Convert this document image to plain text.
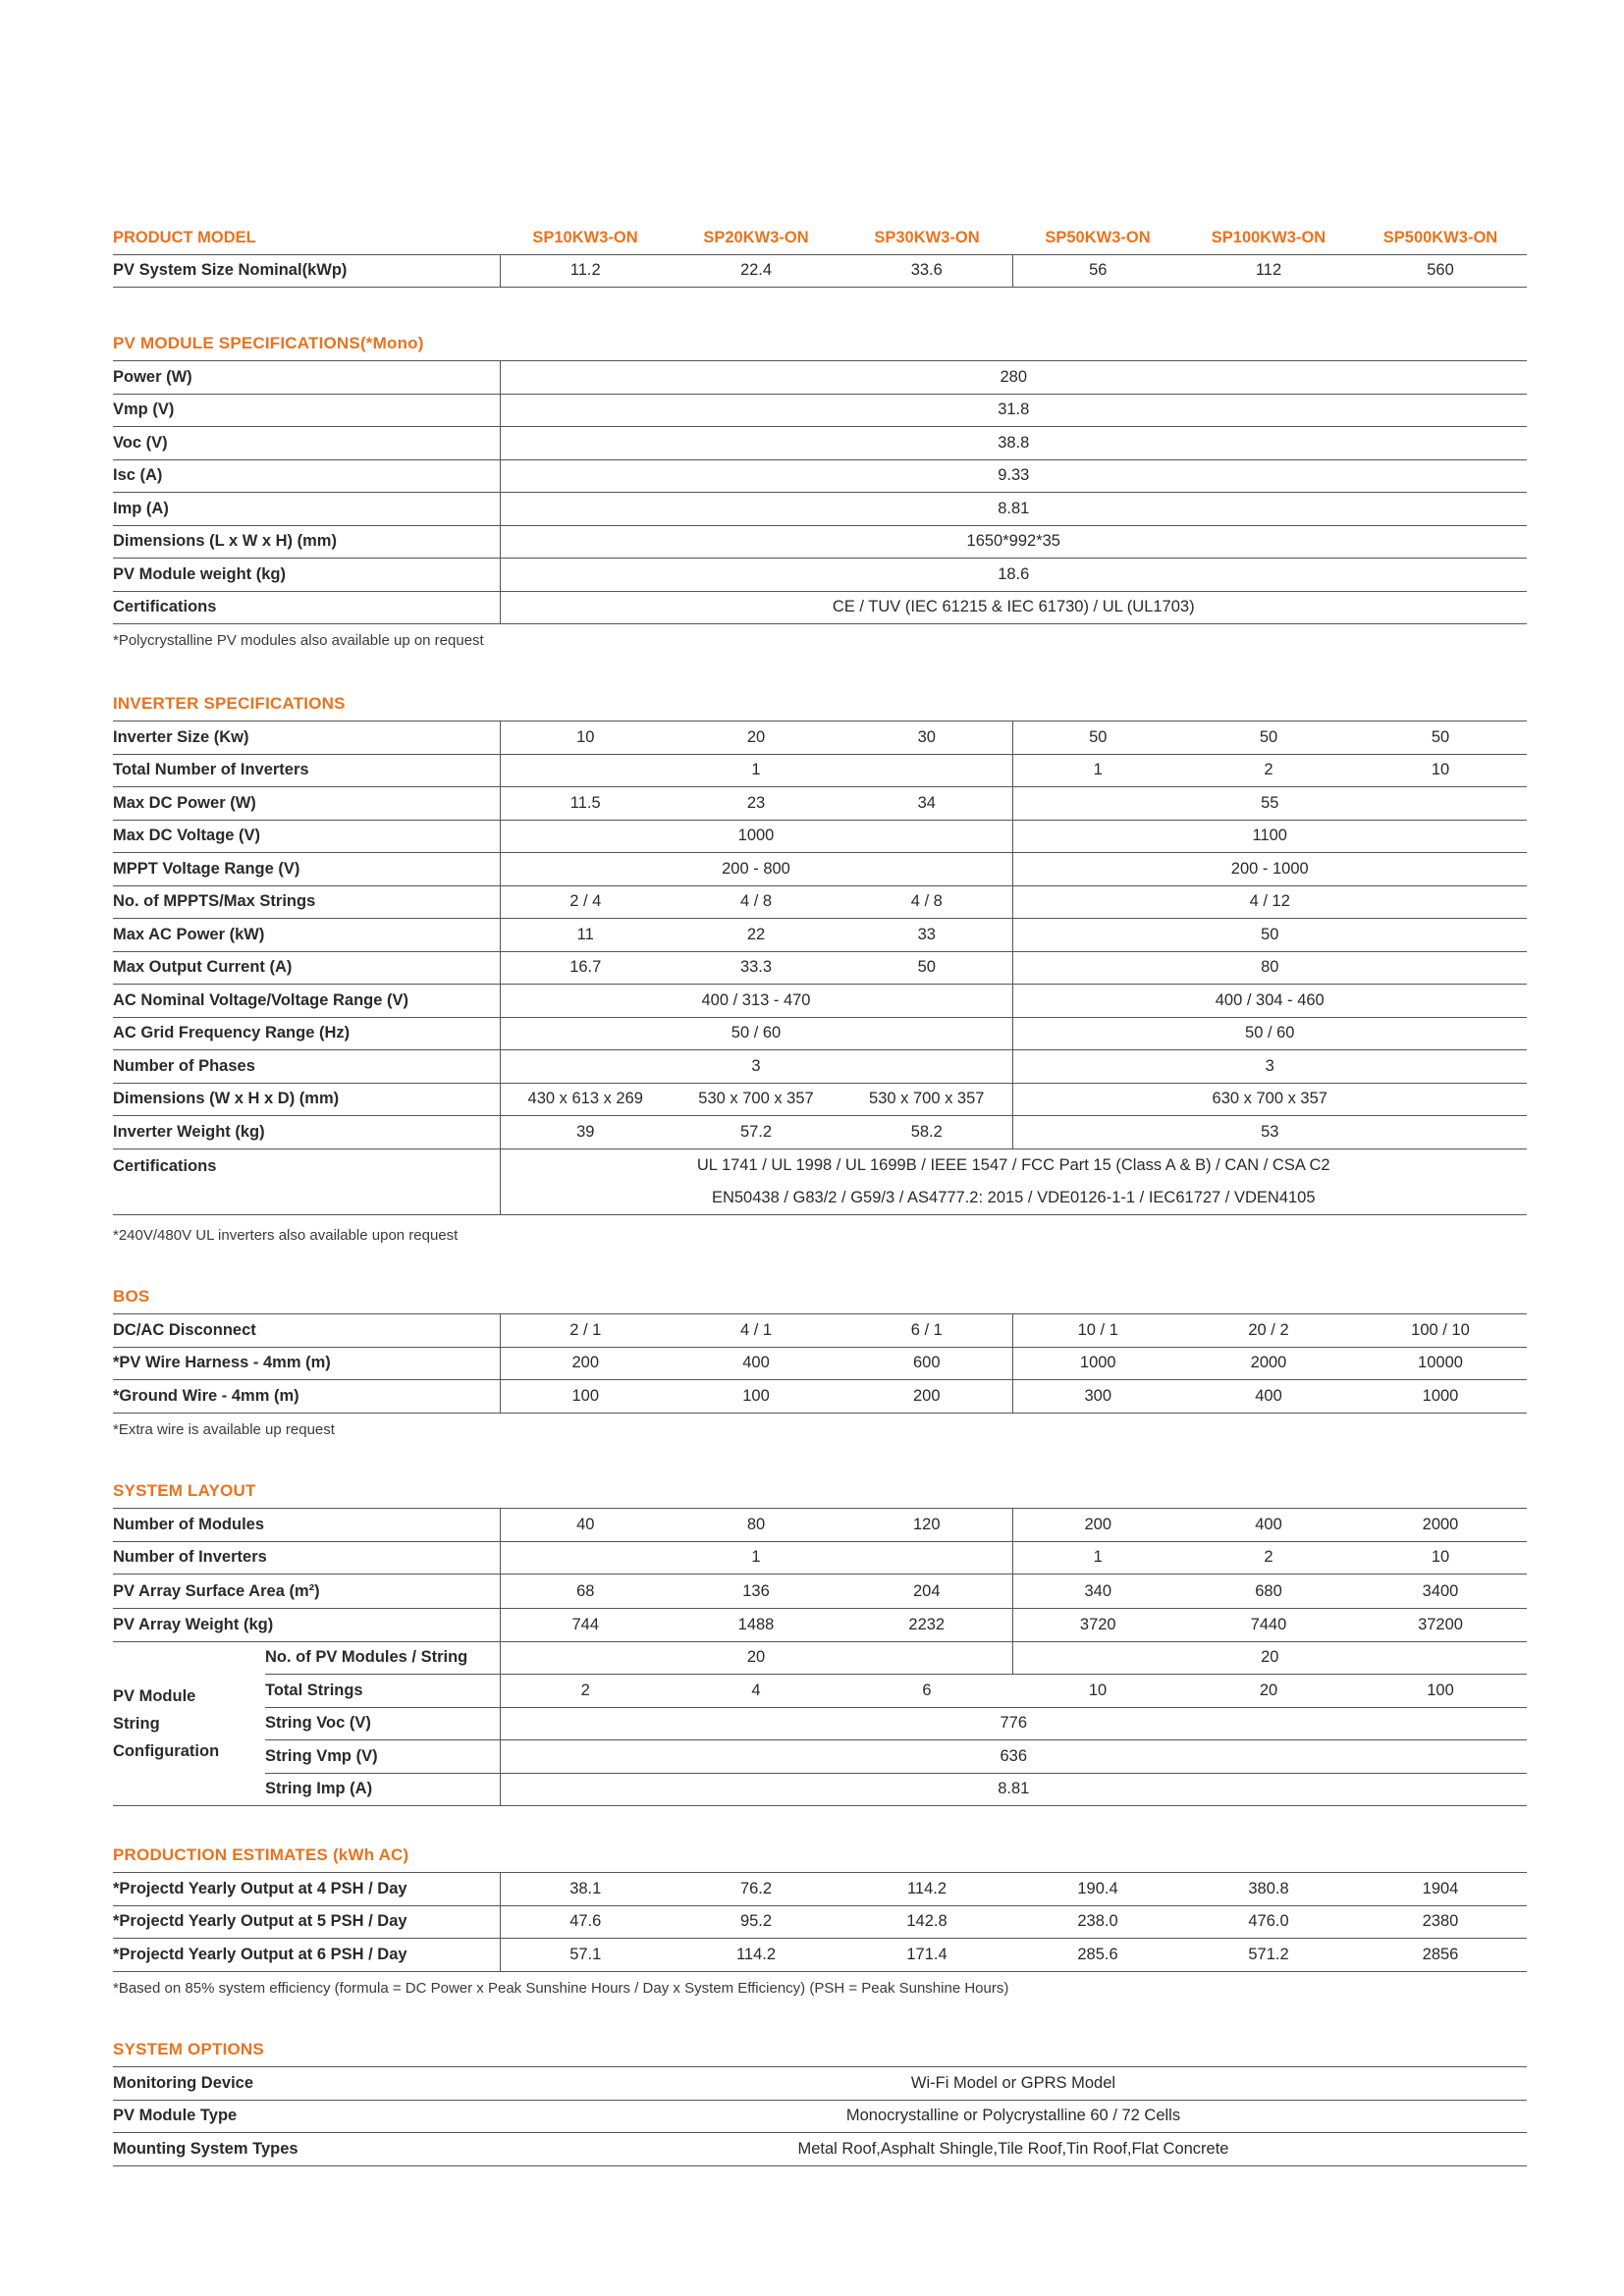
PRODUCT MODEL	SP10KW3-ON	SP20KW3-ON	SP30KW3-ON	SP50KW3-ON	SP100KW3-ON	SP500KW3-ON
PV System Size Nominal(kWp)	11.2	22.4	33.6	56	112	560
PV MODULE SPECIFICATIONS(*Mono)
Power (W)	280
Vmp (V)	31.8
Voc (V)	38.8
Isc (A)	9.33
Imp (A)	8.81
Dimensions (L x W x H) (mm)	1650*992*35
PV Module weight (kg)	18.6
Certifications	CE / TUV (IEC 61215 & IEC 61730) / UL (UL1703)
*Polycrystalline PV modules also available up on request
INVERTER SPECIFICATIONS
Inverter Size (Kw)	10	20	30	50	50	50
Total Number of Inverters	1			1	2	10
Max DC Power (W)	11.5	23	34	55		
Max DC Voltage (V)	1000			1100		
MPPT Voltage Range (V)	200 - 800			200 - 1000		
No. of MPPTS/Max Strings	2 / 4	4 / 8	4 / 8	4 / 12		
Max AC Power (kW)	11	22	33	50		
Max Output Current (A)	16.7	33.3	50	80		
AC Nominal Voltage/Voltage Range (V)	400 / 313 - 470			400 / 304 - 460		
AC Grid Frequency Range (Hz)	50 / 60			50 / 60		
Number of Phases	3			3		
Dimensions (W x H x D) (mm)	430 x 613 x 269	530 x 700 x 357	530 x 700 x 357	630 x 700 x 357		
Inverter Weight (kg)	39	57.2	58.2	53		
Certifications	UL 1741 / UL 1998 / UL 1699B / IEEE 1547 / FCC Part 15 (Class A & B) / CAN / CSA C2
EN50438 / G83/2 / G59/3 / AS4777.2: 2015 / VDE0126-1-1 / IEC61727 / VDEN4105					
*240V/480V UL inverters also available upon request
BOS
DC/AC Disconnect	2 / 1	4 / 1	6 / 1	10 / 1	20 / 2	100 / 10
*PV Wire Harness - 4mm (m)	200	400	600	1000	2000	10000
*Ground Wire - 4mm (m)	100	100	200	300	400	1000
*Extra wire is available up request
SYSTEM LAYOUT
Number of Modules		40	80	120	200	400	2000
Number of Inverters		1			1	2	10
PV Array Surface Area (m²)		68	136	204	340	680	3400
PV Array Weight (kg)		744	1488	2232	3720	7440	37200

PV Module
String
Configuration	No. of PV Modules / String	20			20		
	Total Strings	2	4	6	10	20	100
	String Voc (V)	776					
	String Vmp (V)	636					
	String Imp (A)	8.81					
PRODUCTION ESTIMATES (kWh AC)
*Projectd Yearly Output at 4 PSH / Day	38.1	76.2	114.2	190.4	380.8	1904
*Projectd Yearly Output at 5 PSH / Day	47.6	95.2	142.8	238.0	476.0	2380
*Projectd Yearly Output at 6 PSH / Day	57.1	114.2	171.4	285.6	571.2	2856
*Based on 85% system efficiency (formula = DC Power x Peak Sunshine Hours / Day x System Efficiency) (PSH = Peak Sunshine Hours)
SYSTEM OPTIONS
Monitoring Device	Wi-Fi Model or GPRS Model
PV Module Type	Monocrystalline or Polycrystalline 60 / 72 Cells
Mounting System Types	Metal Roof,Asphalt Shingle,Tile Roof,Tin Roof,Flat Concrete
